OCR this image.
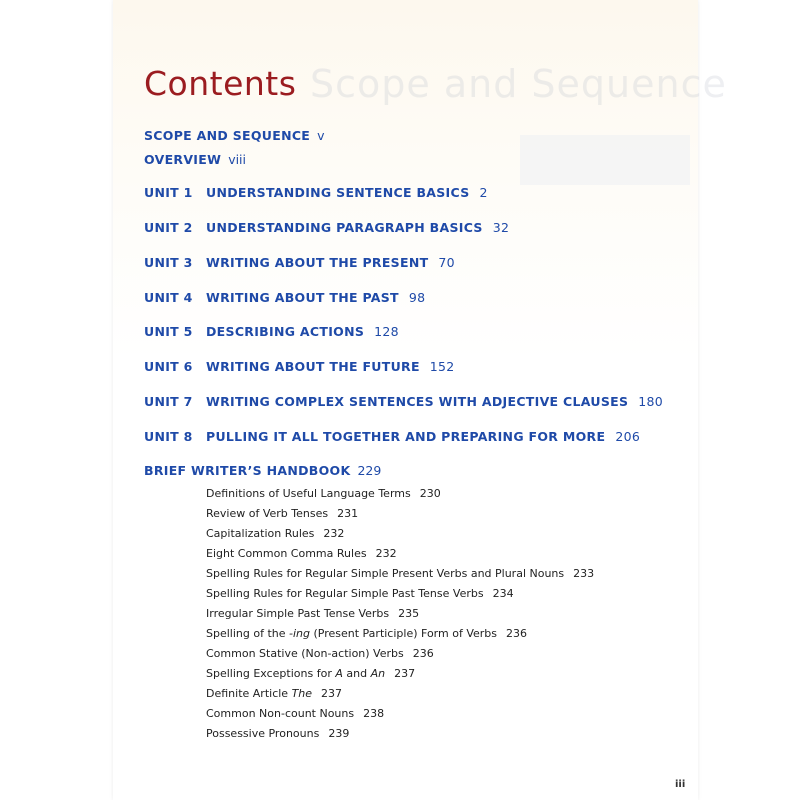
Scope and Sequence
Contents
SCOPE AND SEQUENCE v
OVERVIEW viii
UNIT 1 UNDERSTANDING SENTENCE BASICS 2
UNIT 2 UNDERSTANDING PARAGRAPH BASICS 32
UNIT 3 WRITING ABOUT THE PRESENT 70
UNIT 4 WRITING ABOUT THE PAST 98
UNIT 5 DESCRIBING ACTIONS 128
UNIT 6 WRITING ABOUT THE FUTURE 152
UNIT 7 WRITING COMPLEX SENTENCES WITH ADJECTIVE CLAUSES 180
UNIT 8 PULLING IT ALL TOGETHER AND PREPARING FOR MORE 206
BRIEF WRITER’S HANDBOOK 229
Definitions of Useful Language Terms 230
Review of Verb Tenses 231
Capitalization Rules 232
Eight Common Comma Rules 232
Spelling Rules for Regular Simple Present Verbs and Plural Nouns 233
Spelling Rules for Regular Simple Past Tense Verbs 234
Irregular Simple Past Tense Verbs 235
Spelling of the -ing (Present Participle) Form of Verbs 236
Common Stative (Non-action) Verbs 236
Spelling Exceptions for A and An 237
Definite Article The 237
Common Non-count Nouns 238
Possessive Pronouns 239
iii
